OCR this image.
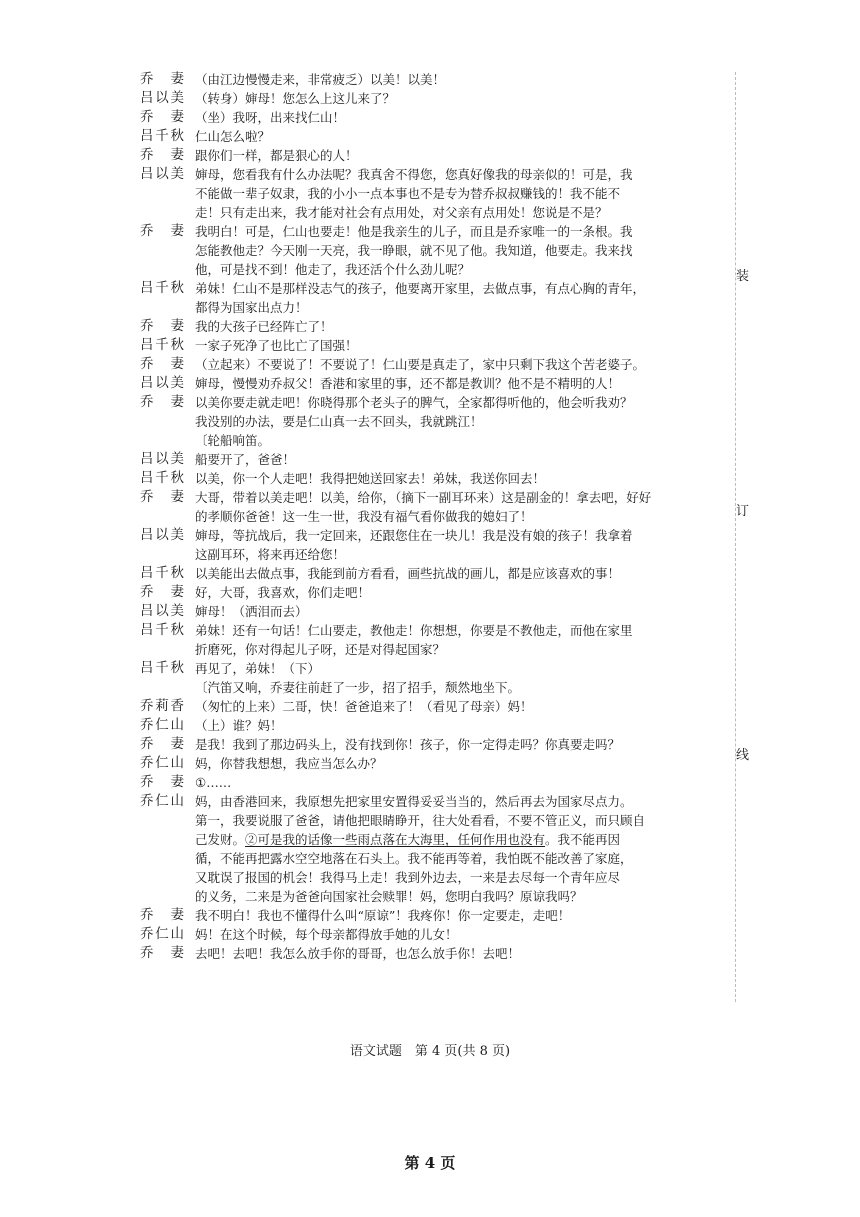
装
订
线
乔　妻 （由江边慢慢走来，非常疲乏）以美！以美！
吕以美 （转身）婶母！您怎么上这儿来了？
乔　妻 （坐）我呀，出来找仁山！
吕千秋 仁山怎么啦？
乔　妻 跟你们一样，都是狠心的人！
吕以美 婶母，您看我有什么办法呢？我真舍不得您，您真好像我的母亲似的！可是，我
不能做一辈子奴隶，我的小小一点本事也不是专为替乔叔叔赚钱的！我不能不
走！只有走出来，我才能对社会有点用处，对父亲有点用处！您说是不是？
乔　妻 我明白！可是，仁山也要走！他是我亲生的儿子，而且是乔家唯一的一条根。我
怎能教他走？今天刚一天亮，我一睁眼，就不见了他。我知道，他要走。我来找
他，可是找不到！他走了，我还活个什么劲儿呢？
吕千秋 弟妹！仁山不是那样没志气的孩子，他要离开家里，去做点事，有点心胸的青年，
都得为国家出点力！
乔　妻 我的大孩子已经阵亡了！
吕千秋 一家子死净了也比亡了国强！
乔　妻 （立起来）不要说了！不要说了！仁山要是真走了，家中只剩下我这个苦老婆子。
吕以美 婶母，慢慢劝乔叔父！香港和家里的事，还不都是教训？他不是不精明的人！
乔　妻 以美你要走就走吧！你晓得那个老头子的脾气，全家都得听他的，他会听我劝？
我没别的办法，要是仁山真一去不回头，我就跳江！
〔轮船响笛。
吕以美 船要开了，爸爸！
吕千秋 以美，你一个人走吧！我得把她送回家去！弟妹，我送你回去！
乔　妻 大哥，带着以美走吧！以美，给你，（摘下一副耳环来）这是副金的！拿去吧，好好
的孝顺你爸爸！这一生一世，我没有福气看你做我的媳妇了！
吕以美 婶母，等抗战后，我一定回来，还跟您住在一块儿！我是没有娘的孩子！我拿着
这副耳环，将来再还给您！
吕千秋 以美能出去做点事，我能到前方看看，画些抗战的画儿，都是应该喜欢的事！
乔　妻 好，大哥，我喜欢，你们走吧！
吕以美 婶母！（洒泪而去）
吕千秋 弟妹！还有一句话！仁山要走，教他走！你想想，你要是不教他走，而他在家里
折磨死，你对得起儿子呀，还是对得起国家？
吕千秋 再见了，弟妹！（下）
〔汽笛又响，乔妻往前赶了一步，招了招手，颓然地坐下。
乔莉香 （匆忙的上来）二哥，快！爸爸追来了！（看见了母亲）妈！
乔仁山 （上）谁？妈！
乔　妻 是我！我到了那边码头上，没有找到你！孩子，你一定得走吗？你真要走吗？
乔仁山 妈，你替我想想，我应当怎么办？
乔　妻 ①……
乔仁山 妈，由香港回来，我原想先把家里安置得妥妥当当的，然后再去为国家尽点力。
第一，我要说服了爸爸，请他把眼睛睁开，往大处看看，不要不管正义，而只顾自
己发财。②可是我的话像一些雨点落在大海里，任何作用也没有。我不能再因
循，不能再把露水空空地落在石头上。我不能再等着，我怕既不能改善了家庭，
又耽误了报国的机会！我得马上走！我到外边去，一来是去尽每一个青年应尽
的义务，二来是为爸爸向国家社会赎罪！妈，您明白我吗？原谅我吗？
乔　妻 我不明白！我也不懂得什么叫“原谅”！我疼你！你一定要走，走吧！
乔仁山 妈！在这个时候，每个母亲都得放手她的儿女！
乔　妻 去吧！去吧！我怎么放手你的哥哥，也怎么放手你！去吧！
语文试题　第 4 页(共 8 页)
第 4 页
